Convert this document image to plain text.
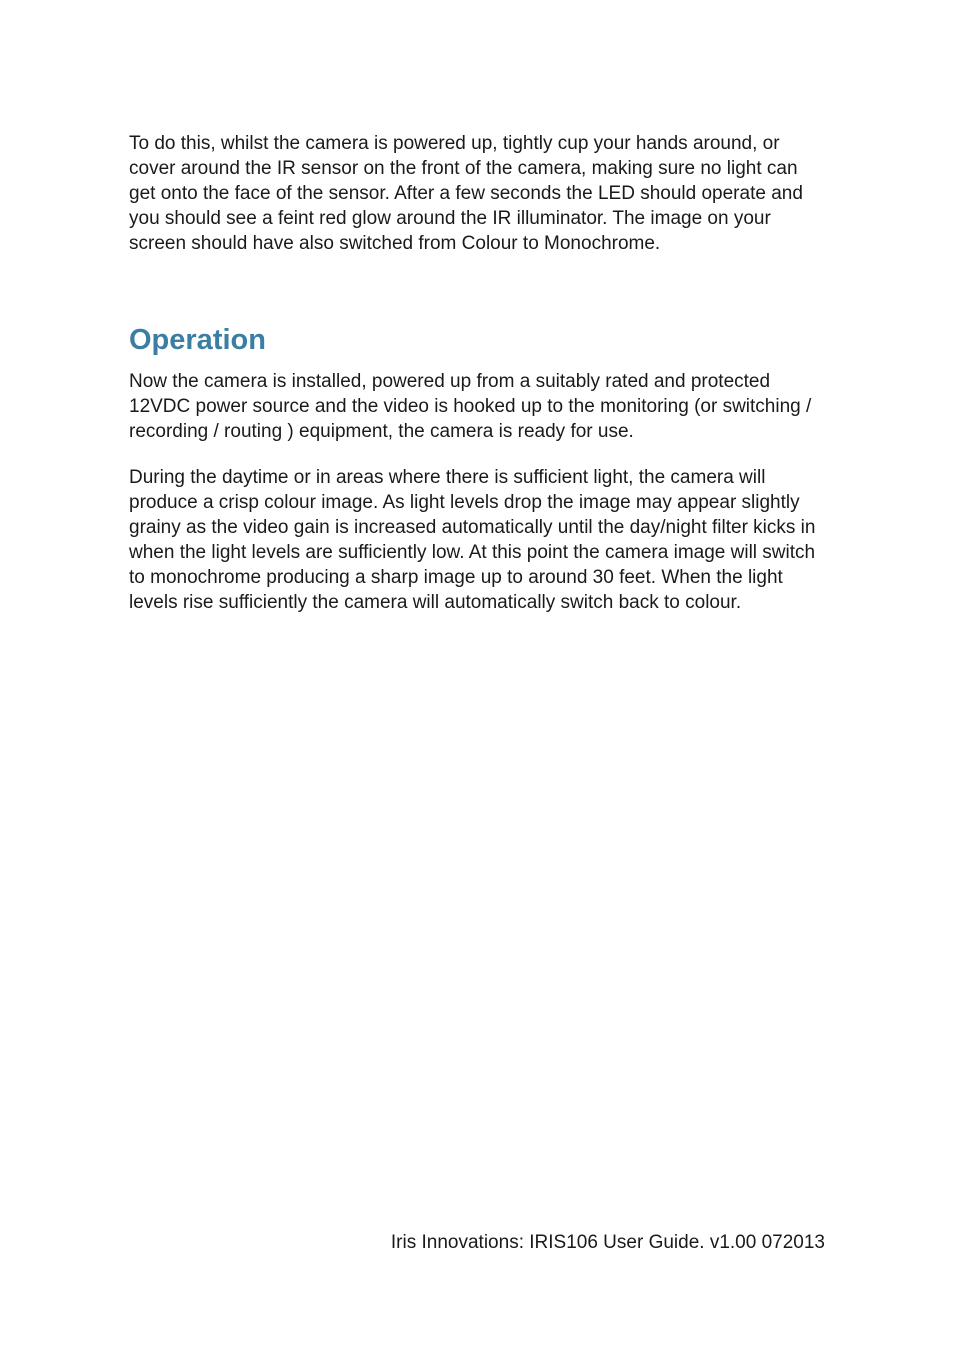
To do this, whilst the camera is powered up, tightly cup your hands around, or cover around the IR sensor on the front of the camera, making sure no light can get onto the face of the sensor. After a few seconds the LED should operate and you should see a feint red glow around the IR illuminator. The image on your screen should have also switched from Colour to Monochrome.

Operation

Now the camera is installed, powered up from a suitably rated and protected 12VDC power source and the video is hooked up to the monitoring (or switching / recording / routing ) equipment, the camera is ready for use.

During the daytime or in areas where there is sufficient light, the camera will produce a crisp colour image. As light levels drop the image may appear slightly grainy as the video gain is increased automatically until the day/night filter kicks in when the light levels are sufficiently low. At this point the camera image will switch to monochrome producing a sharp image up to around 30 feet. When the light levels rise sufficiently the camera will automatically switch back to colour.

Iris Innovations: IRIS106 User Guide. v1.00 072013
